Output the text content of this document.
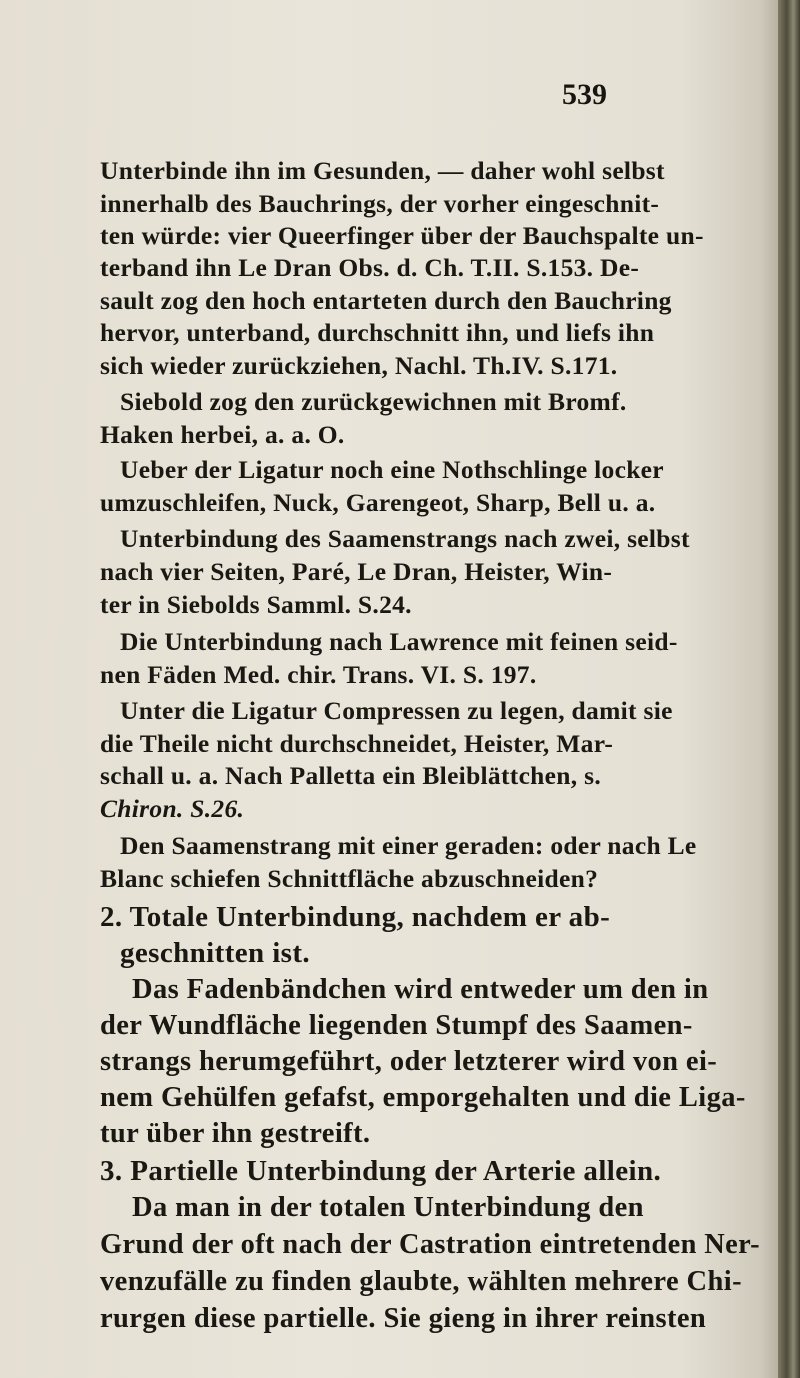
539
Unterbinde ihn im Gesunden, — daher wohl selbst
innerhalb des Bauchrings, der vorher eingeschnit-
ten würde: vier Queerfinger über der Bauchspalte un-
terband ihn Le Dran Obs. d. Ch. T.II. S.153. De-
sault zog den hoch entarteten durch den Bauchring
hervor, unterband, durchschnitt ihn, und liefs ihn
sich wieder zurückziehen, Nachl. Th.IV. S.171.
Siebold zog den zurückgewichnen mit Bromf.
Haken herbei, a. a. O.
Ueber der Ligatur noch eine Nothschlinge locker
umzuschleifen, Nuck, Garengeot, Sharp, Bell u. a.
Unterbindung des Saamenstrangs nach zwei, selbst
nach vier Seiten, Paré, Le Dran, Heister, Win-
ter in Siebolds Samml. S.24.
Die Unterbindung nach Lawrence mit feinen seid-
nen Fäden Med. chir. Trans. VI. S. 197.
Unter die Ligatur Compressen zu legen, damit sie
die Theile nicht durchschneidet, Heister, Mar-
schall u. a. Nach Palletta ein Bleiblättchen, s.
Chiron. S.26.
Den Saamenstrang mit einer geraden: oder nach Le
Blanc schiefen Schnittfläche abzuschneiden?
2. Totale Unterbindung, nachdem er ab-
geschnitten ist.
Das Fadenbändchen wird entweder um den in
der Wundfläche liegenden Stumpf des Saamen-
strangs herumgeführt, oder letzterer wird von ei-
nem Gehülfen gefafst, emporgehalten und die Liga-
tur über ihn gestreift.
3. Partielle Unterbindung der Arterie allein.
Da man in der totalen Unterbindung den
Grund der oft nach der Castration eintretenden Ner-
venzufälle zu finden glaubte, wählten mehrere Chi-
rurgen diese partielle. Sie gieng in ihrer reinsten
